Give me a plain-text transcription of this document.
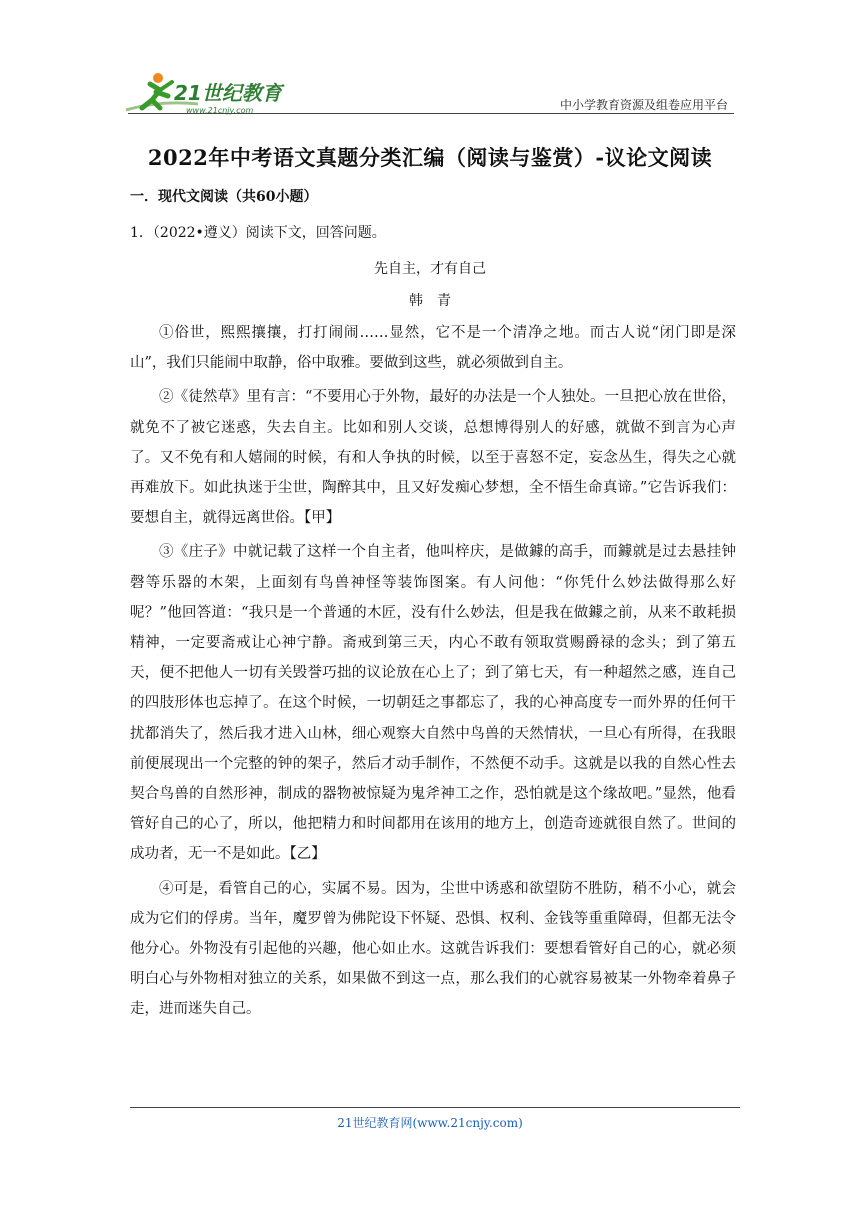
21世纪教育
www.21cnjy.com	中小学教育资源及组卷应用平台
2022年中考语文真题分类汇编（阅读与鉴赏）-议论文阅读
一．现代文阅读（共60小题）
1．（2022•遵义）阅读下文，回答问题。
先自主，才有自己
韩青

①俗世，熙熙攘攘，打打闹闹……显然，它不是一个清净之地。而古人说“闭门即是深山”，我们只能闹中取静，俗中取雅。要做到这些，就必须做到自主。

②《徒然草》里有言：“不要用心于外物，最好的办法是一个人独处。一旦把心放在世俗，就免不了被它迷惑，失去自主。比如和别人交谈，总想博得别人的好感，就做不到言为心声了。又不免有和人嬉闹的时候，有和人争执的时候，以至于喜怒不定，妄念丛生，得失之心就再难放下。如此执迷于尘世，陶醉其中，且又好发痴心梦想，全不悟生命真谛。”它告诉我们：要想自主，就得远离世俗。【甲】

③《庄子》中就记载了这样一个自主者，他叫梓庆，是做鐻的高手，而鐻就是过去悬挂钟磬等乐器的木架，上面刻有鸟兽神怪等装饰图案。有人问他：“你凭什么妙法做得那么好呢？”他回答道：“我只是一个普通的木匠，没有什么妙法，但是我在做鐻之前，从来不敢耗损精神，一定要斋戒让心神宁静。斋戒到第三天，内心不敢有领取赏赐爵禄的念头；到了第五天，便不把他人一切有关毁誉巧拙的议论放在心上了；到了第七天，有一种超然之感，连自己的四肢形体也忘掉了。在这个时候，一切朝廷之事都忘了，我的心神高度专一而外界的任何干扰都消失了，然后我才进入山林，细心观察大自然中鸟兽的天然情状，一旦心有所得，在我眼前便展现出一个完整的钟的架子，然后才动手制作，不然便不动手。这就是以我的自然心性去契合鸟兽的自然形神，制成的器物被惊疑为鬼斧神工之作，恐怕就是这个缘故吧。”显然，他看管好自己的心了，所以，他把精力和时间都用在该用的地方上，创造奇迹就很自然了。世间的成功者，无一不是如此。【乙】

④可是，看管自己的心，实属不易。因为，尘世中诱惑和欲望防不胜防，稍不小心，就会成为它们的俘虏。当年，魔罗曾为佛陀设下怀疑、恐惧、权利、金钱等重重障碍，但都无法令他分心。外物没有引起他的兴趣，他心如止水。这就告诉我们：要想看管好自己的心，就必须明白心与外物相对独立的关系，如果做不到这一点，那么我们的心就容易被某一外物牵着鼻子走，进而迷失自己。

21世纪教育网(www.21cnjy.com)
